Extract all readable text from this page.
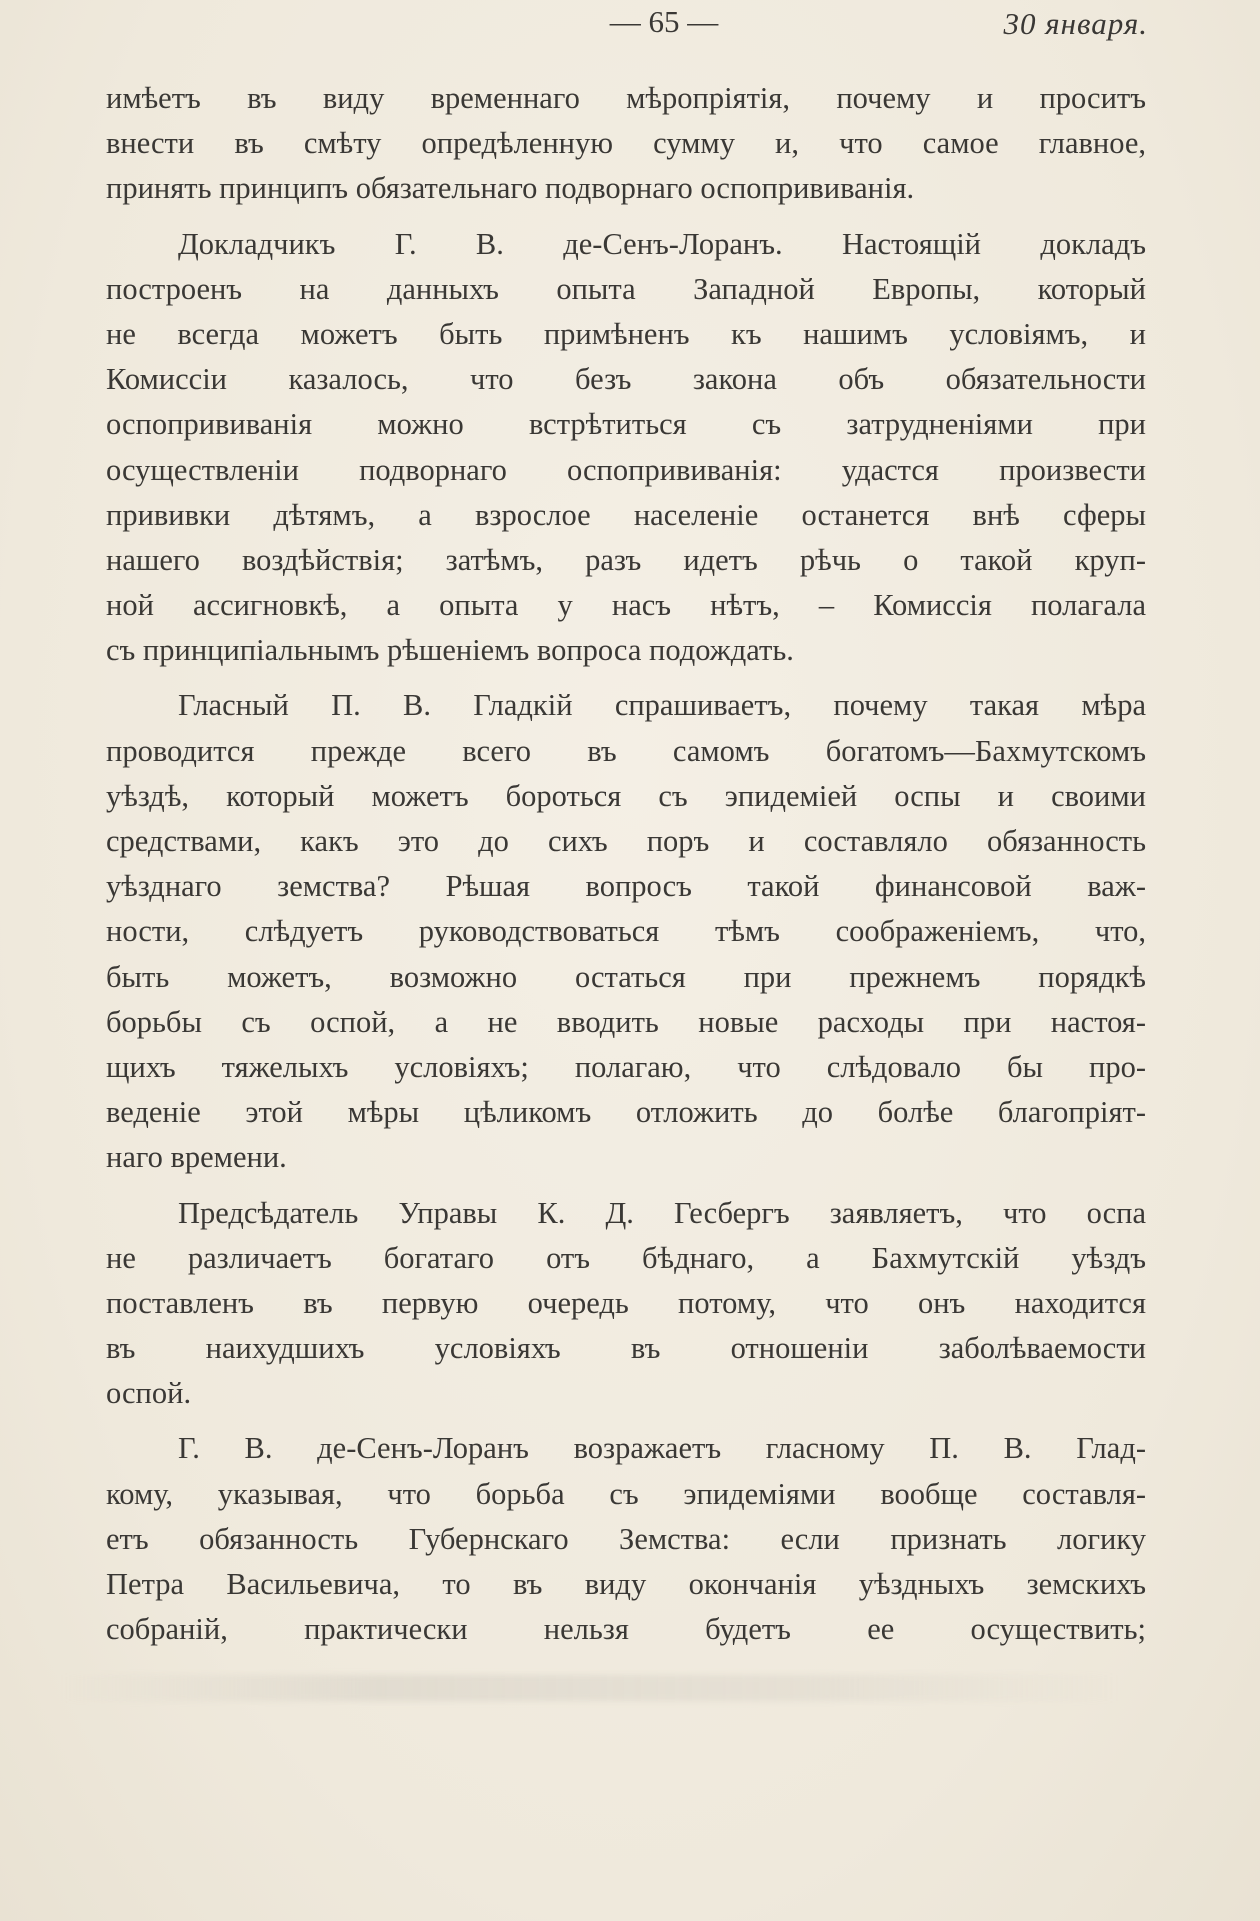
— 65 —	30 января.
имѣетъ въ виду временнаго мѣропріятія, почему и проситъ
внести въ смѣту опредѣленную сумму и, что самое главное,
принять принципъ обязательнаго подворнаго оспопрививанія.
Докладчикъ Г. В. де-Сенъ-Лоранъ. Настоящій докладъ
построенъ на данныхъ опыта Западной Европы, который
не всегда можетъ быть примѣненъ къ нашимъ условіямъ, и
Комиссіи казалось, что безъ закона объ обязательности
оспопрививанія можно встрѣтиться съ затрудненіями при
осуществленіи подворнаго оспопрививанія: удастся произвести
прививки дѣтямъ, а взрослое населеніе останется внѣ сферы
нашего воздѣйствія; затѣмъ, разъ идетъ рѣчь о такой круп-
ной ассигновкѣ, а опыта у насъ нѣтъ, – Комиссія полагала
съ принципіальнымъ рѣшеніемъ вопроса подождать.
Гласный П. В. Гладкій спрашиваетъ, почему такая мѣра
проводится прежде всего въ самомъ богатомъ—Бахмутскомъ
уѣздѣ, который можетъ бороться съ эпидеміей оспы и своими
средствами, какъ это до сихъ поръ и составляло обязанность
уѣзднаго земства? Рѣшая вопросъ такой финансовой важ-
ности, слѣдуетъ руководствоваться тѣмъ соображеніемъ, что,
быть можетъ, возможно остаться при прежнемъ порядкѣ
борьбы съ оспой, а не вводить новые расходы при настоя-
щихъ тяжелыхъ условіяхъ; полагаю, что слѣдовало бы про-
веденіе этой мѣры цѣликомъ отложить до болѣе благопріят-
наго времени.
Предсѣдатель Управы К. Д. Гесбергъ заявляетъ, что оспа
не различаетъ богатаго отъ бѣднаго, а Бахмутскій уѣздъ
поставленъ въ первую очередь потому, что онъ находится
въ наихудшихъ условіяхъ въ отношеніи заболѣваемости
оспой.
Г. В. де-Сенъ-Лоранъ возражаетъ гласному П. В. Глад-
кому, указывая, что борьба съ эпидеміями вообще составля-
етъ обязанность Губернскаго Земства: если признать логику
Петра Васильевича, то въ виду окончанія уѣздныхъ земскихъ
собраній, практически нельзя будетъ ее осуществить;
